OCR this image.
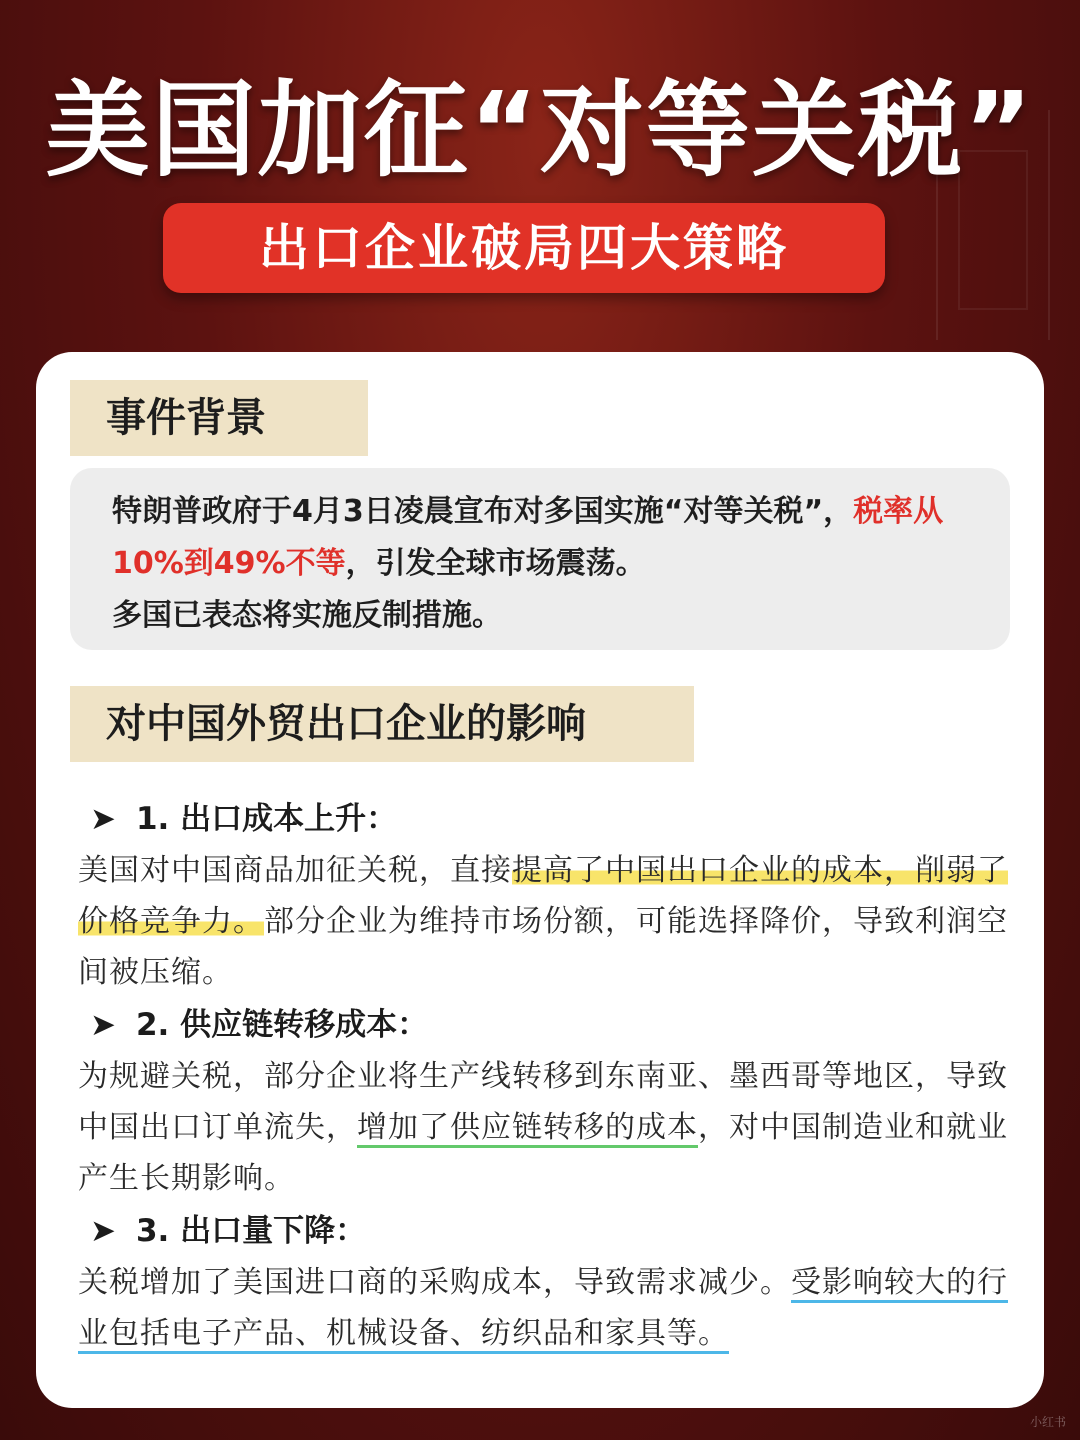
美国加征“对等关税”
出口企业破局四大策略
事件背景
特朗普政府于4月3日凌晨宣布对多国实施“对等关税”，税率从10%到49%不等，引发全球市场震荡。
多国已表态将实施反制措施。
对中国外贸出口企业的影响
➤ 1. 出口成本上升：
美国对中国商品加征关税，直接提高了中国出口企业的成本，削弱了价格竞争力。部分企业为维持市场份额，可能选择降价，导致利润空间被压缩。
➤ 2. 供应链转移成本：
为规避关税，部分企业将生产线转移到东南亚、墨西哥等地区，导致中国出口订单流失，增加了供应链转移的成本，对中国制造业和就业产生长期影响。
➤ 3. 出口量下降：
关税增加了美国进口商的采购成本，导致需求减少。受影响较大的行业包括电子产品、机械设备、纺织品和家具等。
小红书
